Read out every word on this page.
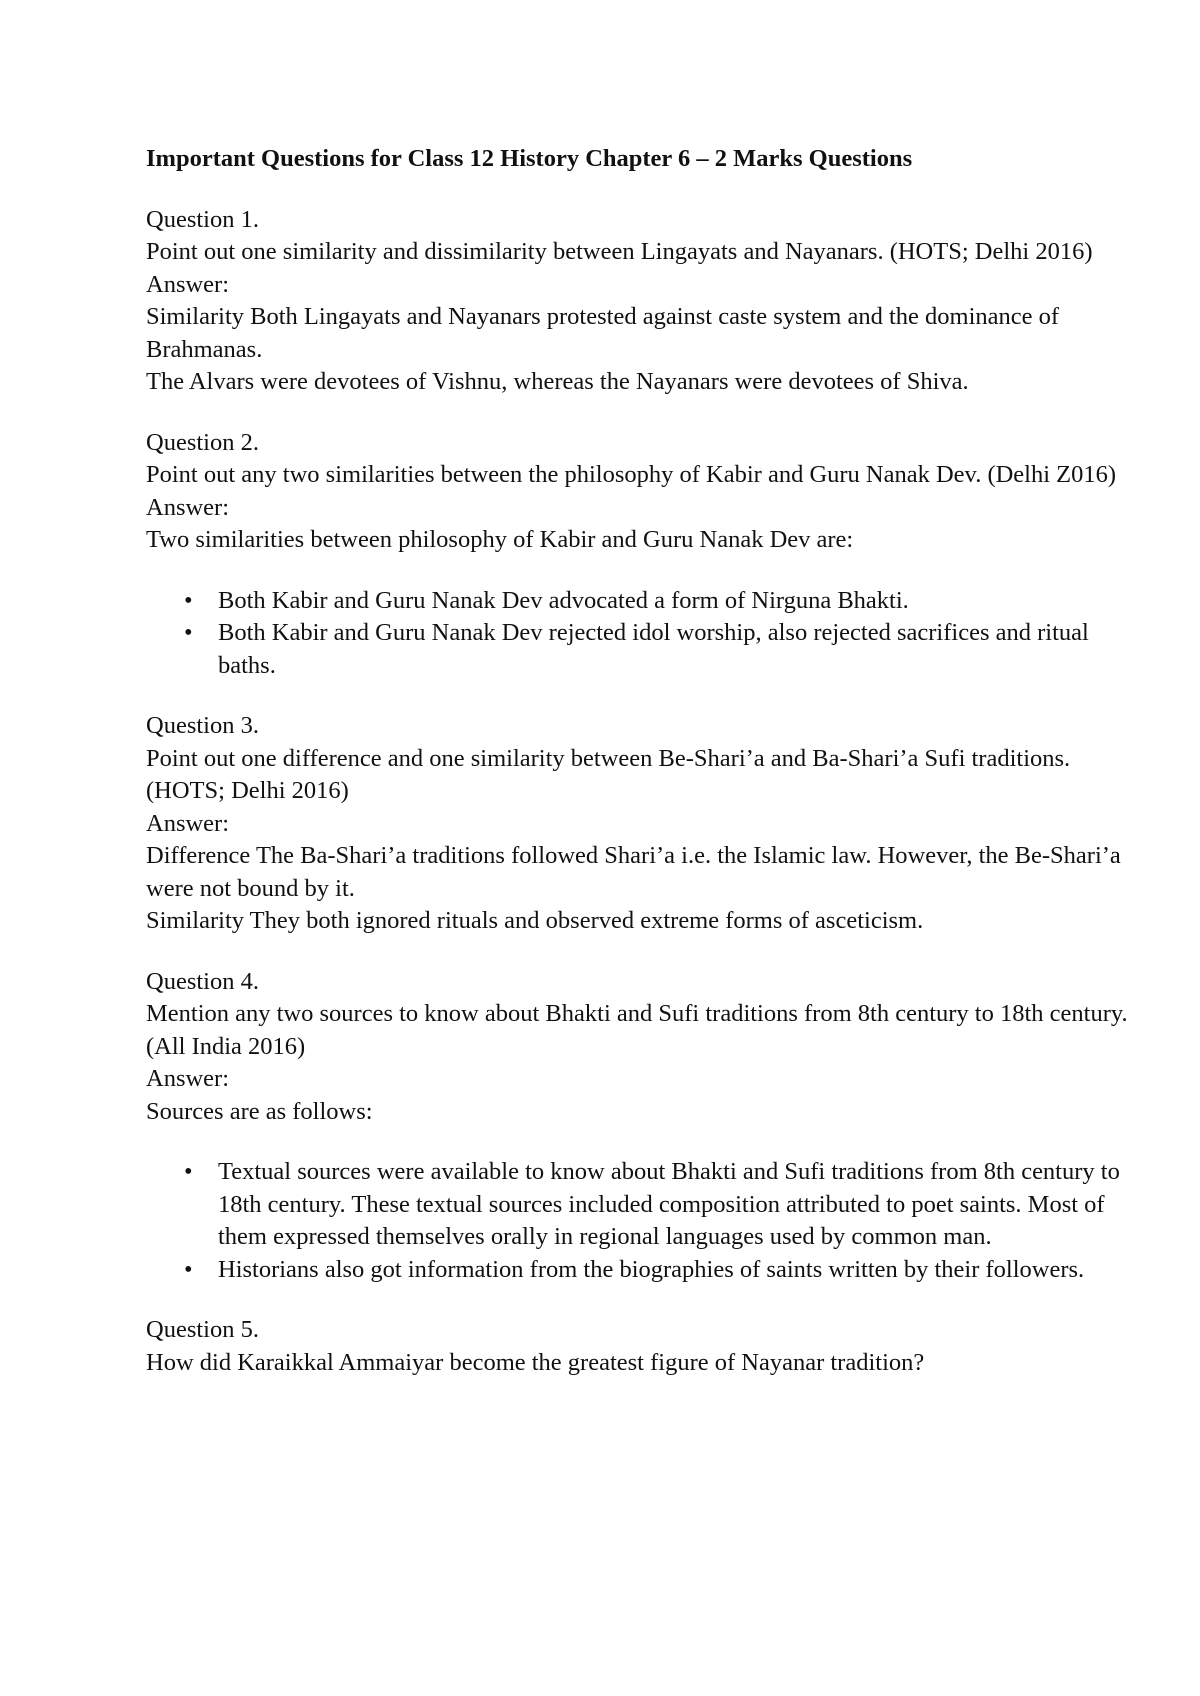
Important Questions for Class 12 History Chapter 6 – 2 Marks Questions

Question 1.

Point out one similarity and dissimilarity between Lingayats and Nayanars. (HOTS; Delhi 2016)

Answer:

Similarity Both Lingayats and Nayanars protested against caste system and the dominance of Brahmanas.

The Alvars were devotees of Vishnu, whereas the Nayanars were devotees of Shiva.

Question 2.

Point out any two similarities between the philosophy of Kabir and Guru Nanak Dev. (Delhi Z016)

Answer:

Two similarities between philosophy of Kabir and Guru Nanak Dev are:

• Both Kabir and Guru Nanak Dev advocated a form of Nirguna Bhakti.
• Both Kabir and Guru Nanak Dev rejected idol worship, also rejected sacrifices and ritual baths.

Question 3.

Point out one difference and one similarity between Be-Shari’a and Ba-Shari’a Sufi traditions. (HOTS; Delhi 2016)

Answer:

Difference The Ba-Shari’a traditions followed Shari’a i.e. the Islamic law. However, the Be-Shari’a were not bound by it.

Similarity They both ignored rituals and observed extreme forms of asceticism.

Question 4.

Mention any two sources to know about Bhakti and Sufi traditions from 8th century to 18th century. (All India 2016)

Answer:

Sources are as follows:

• Textual sources were available to know about Bhakti and Sufi traditions from 8th century to 18th century. These textual sources included composition attributed to poet saints. Most of them expressed themselves orally in regional languages used by common man.
• Historians also got information from the biographies of saints written by their followers.

Question 5.

How did Karaikkal Ammaiyar become the greatest figure of Nayanar tradition?
